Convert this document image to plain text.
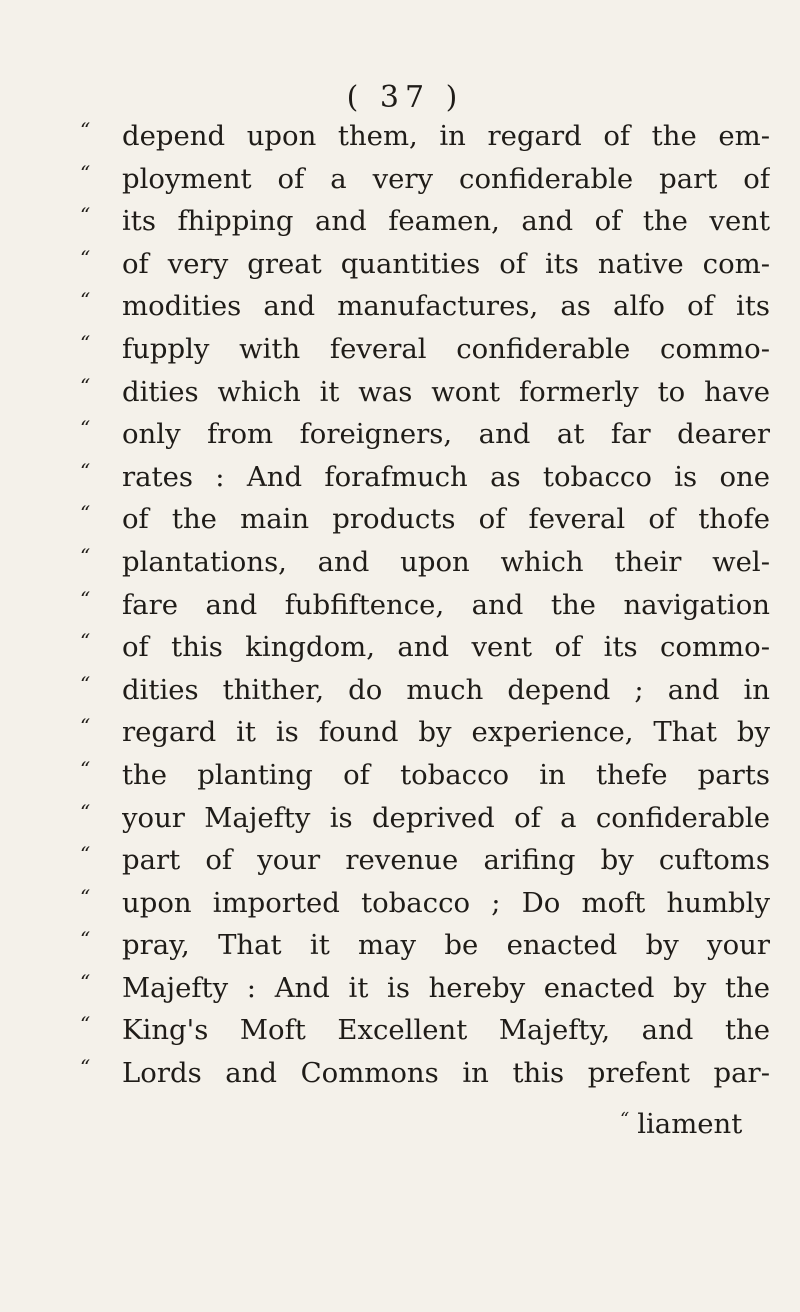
( 37 )
“	depend upon them, in regard of the em-
“	ployment of a very confiderable part of
“	its fhipping and feamen, and of the vent
“	of very great quantities of its native com-
“	modities and manufactures, as alfo of its
“	fupply with feveral confiderable commo-
“	dities which it was wont formerly to have
“	only from foreigners, and at far dearer
“	rates : And forafmuch as tobacco is one
“	of the main products of feveral of thofe
“	plantations, and upon which their wel-
“	fare and fubfiftence, and the navigation
“	of this kingdom, and vent of its commo-
“	dities thither, do much depend ; and in
“	regard it is found by experience, That by
“	the planting of tobacco in thefe parts
“	your Majefty is deprived of a confiderable
“	part of your revenue arifing by cuftoms
“	upon imported tobacco ; Do moft humbly
“	pray, That it may be enacted by your
“	Majefty : And it is hereby enacted by the
“	King's Moft Excellent Majefty, and the
“	Lords and Commons in this prefent par-
“ liament
